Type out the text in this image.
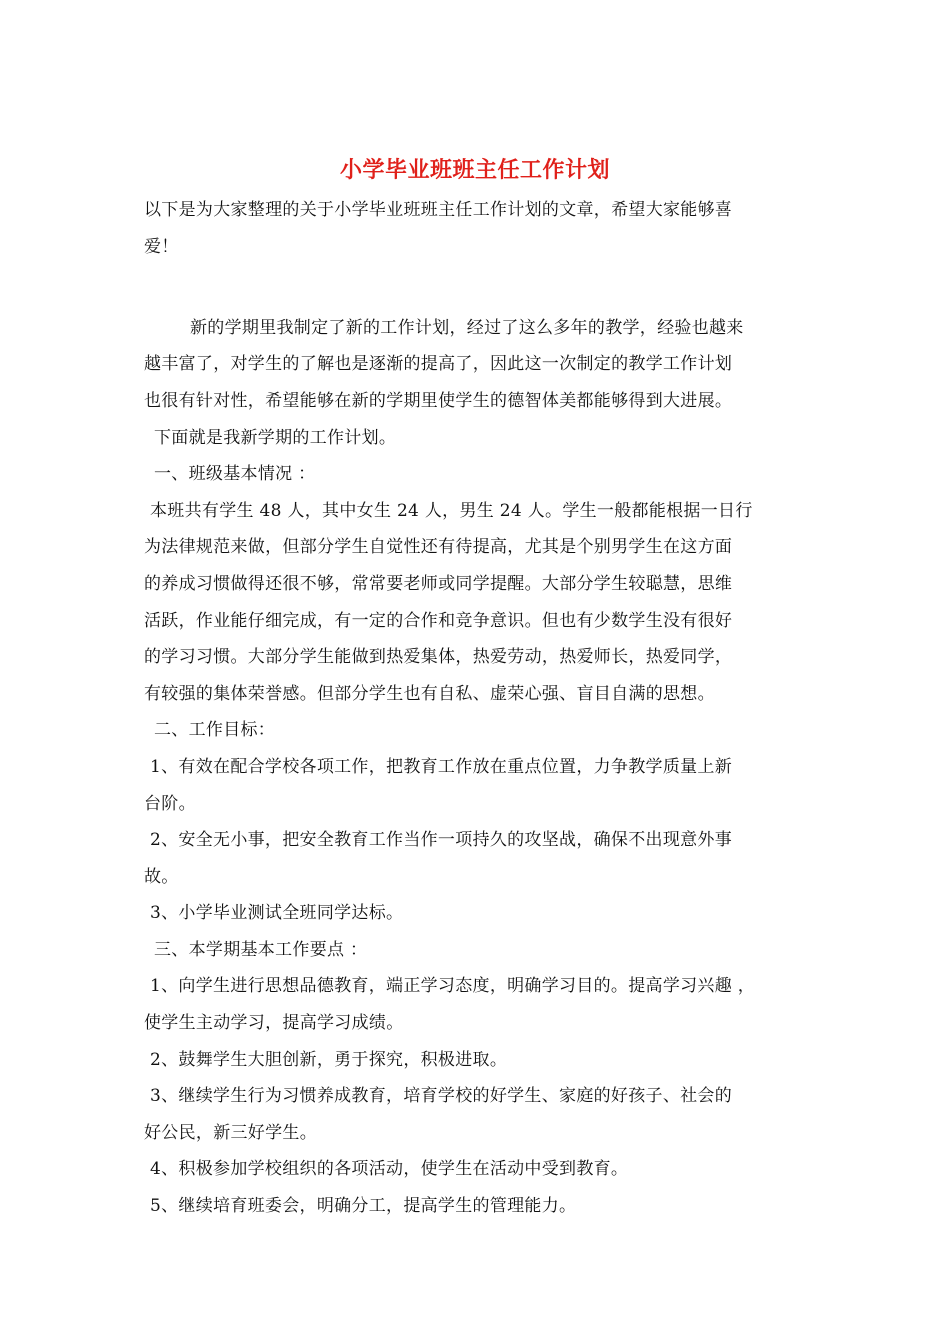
小学毕业班班主任工作计划
以下是为大家整理的关于小学毕业班班主任工作计划的文章，希望大家能够喜
爱！
新的学期里我制定了新的工作计划，经过了这么多年的教学，经验也越来
越丰富了，对学生的了解也是逐渐的提高了，因此这一次制定的教学工作计划
也很有针对性，希望能够在新的学期里使学生的德智体美都能够得到大进展。
下面就是我新学期的工作计划。
一、班级基本情况 ：
本班共有学生 48 人，其中女生 24 人，男生 24 人。学生一般都能根据一日行
为法律规范来做，但部分学生自觉性还有待提高，尤其是个别男学生在这方面
的养成习惯做得还很不够，常常要老师或同学提醒。大部分学生较聪慧，思维
活跃，作业能仔细完成，有一定的合作和竞争意识。但也有少数学生没有很好
的学习习惯。大部分学生能做到热爱集体，热爱劳动，热爱师长，热爱同学，
有较强的集体荣誉感。但部分学生也有自私、虚荣心强、盲目自满的思想。
二、工作目标：
1、有效在配合学校各项工作，把教育工作放在重点位置，力争教学质量上新
台阶。
2、安全无小事，把安全教育工作当作一项持久的攻坚战，确保不出现意外事
故。
3、小学毕业测试全班同学达标。
三、本学期基本工作要点 ：
1、向学生进行思想品德教育，端正学习态度，明确学习目的。提高学习兴趣 ，
使学生主动学习，提高学习成绩。
2、鼓舞学生大胆创新，勇于探究，积极进取。
3、继续学生行为习惯养成教育，培育学校的好学生、家庭的好孩子、社会的
好公民，新三好学生。
4、积极参加学校组织的各项活动，使学生在活动中受到教育。
5、继续培育班委会，明确分工，提高学生的管理能力。
